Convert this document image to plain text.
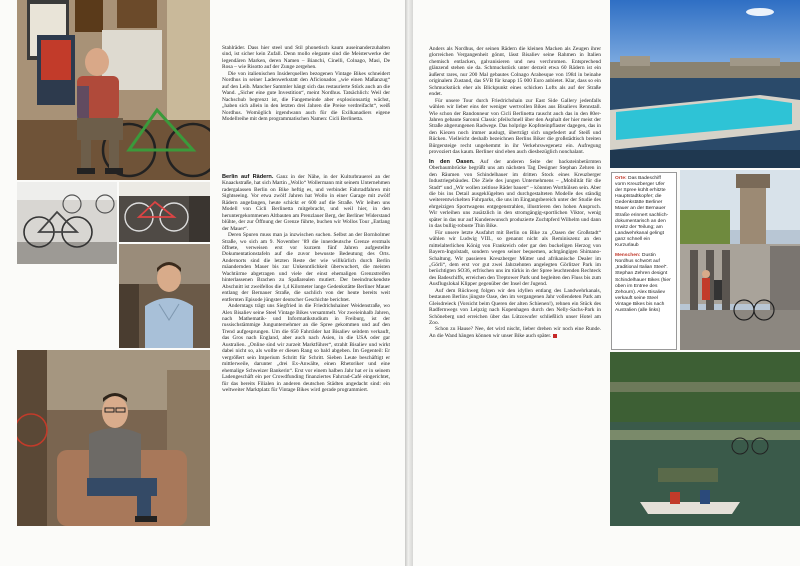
Stahlräder. Dass hier steel und Stil phonetisch kaum auseinanderzuhalten sind, ist sicher kein Zufall. Denn mollo elegante sind die Meisterwerke der legendären Marken, deren Namen – Bianchi, Cinelli, Colnago, Masi, De Rosa – wie Risotto auf der Zunge zergehen.

Die von italienischen Insiderquellen bezogenen Vintage Bikes schneidert Nordhus in seiner Ladenwerkstatt den Aficionados „wie einen Maßanzug“ auf den Leib. Mancher Sammler hängt sich das restaurierte Stück auch an die Wand. „Sicher eine gute Investition“, meint Nordhus. Tatsächlich: Weil der Nachschub begrenzt ist, die Fangemeinde aber explosionsartig wächst, „haben sich allein in den letzten drei Jahren die Preise verdreifacht“, weiß Nordhus. Womöglich irgendwann auch für die Exilkanadiers eigene Modellreihe mit dem programmatischen Namen: Cicli Berlinetta.

Berlin auf Rädern. Ganz in der Nähe, in der Kulturbrauerei an der Knaackstraße, hat sich Martin „Wollo“ Wollermann mit seinem Unternehmen radergalassen Berlin on Bike heftig es, und verbindet Fahrradfahren mit Sightseeing. Vor etwa zwölf Jahren hat Wollo in einer Garage mit zwölf Rädern angefangen, heute schickt er 600 auf die Straße. Wir leihen uns Modell von Cicli Berlinetta mitgebracht, und weil hier, in den heruntergekommenen Altbauten am Prenzlauer Berg, der Berliner Widerstand blühte, der zur Öffnung der Grenze führte, buchen wir Wollos Tour „Entlang der Mauer“.

Deren Spuren muss man ja inzwischen suchen. Selbst an der Bornholmer Straße, wo sich am 9. November ’89 die innerdeutsche Grenze erstmals öffnete, verweisen erst vor kurzem fünf Jahren aufgestellte Dokumentationstafeln auf die zuvor bewusste Bedeutung des Orts. Andernorts sind die letzten Reste der wie willkürlich durch Berlin mäandernden Mauer bis zur Unkenntlichkeit überwuchert, die meisten Wachtürme abgetragen und viele der einst ehemaligen Grenzstreifen hinterlassenen Brachen zu Spaßarealen mutiert. Der beeindruckendste Abschnitt ist zweifellos die 1,4 Kilometer lange Gedenkstätte Berliner Mauer entlang der Bernauer Straße, die sachlich von der heute bereits weit entfernten Episode jüngster deutscher Geschichte berichtet.

Anderntags trägt uns Siegfried in die Friedrichshainer Weidenstraße, wo Alex Bisaliev seine Steel Vintage Bikes versammelt. Vor zweieinhalb Jahren, nach Mathematik- und Informatikstudium in Freiburg, ist der russischstämmige Jungunternehmer an die Spree gekommen und auf den Trend aufgesprungen. Um die 650 Fahrräder hat Bisaliev seitdem verkauft, das Gros nach England, aber auch nach Asien, in die USA oder gar Australien. „Online sind wir zurzeit Marktführer“, strahlt Bisaliev und wirkt dabei nicht so, als wollte er diesen Rang so bald abgeben. Im Gegenteil: Er vergrößert sein Imperium Schritt für Schritt. Sieben Leute beschäftigt er mittlerweile, darunter „drei Ex-Anwälte, einen Rhetoriker und eine ehemalige Schweizer Bankerin“. Erst vor einem halben Jahr hat er in seinem Ladengeschäft ein per Crowdfunding finanziertes Fahrrad-Café eingerichtet, für das bereits Filialen in anderen deutschen Städten angedacht sind: ein weltweiter Marktplatz für Vintage Bikes wird gerade programmiert.

Anders als Nordhus, der seinen Rädern die kleinen Macken als Zeugen ihrer glorreichen Vergangenheit gönnt, lässt Bisaliev seine Rahmen in Italien chemisch entlacken, galvanisieren und neu verchromen. Entsprechend glänzend stehen sie da. Schmuckstück unter derzeit etwa 60 Rädern ist ein äußerst rares, nur 200 Mal gebautes Colnago Arabesque von 1984 in beinahe originalem Zustand, das SVB für knapp 15 000 Euro anbietet. Klar, dass so ein Schmuckstück eher als Blickpunkt eines schicken Lofts als auf der Straße endet.

Für unsere Tour durch Friedrichshain zur East Side Gallery jedenfalls wählen wir lieber eins der weniger wertvollen Bikes aus Bisalievs Rennstall. Wie schon der Randonneur von Cicli Berlinetta rauscht auch das in den 80er-Jahren gebaute Saronni Classic pfeilschnell über den Asphalt der hier meist der Straße abgerungenen Radwege. Das holprige Kopfsteinpflaster dagegen, das in den Kiezen noch immer auslugt, überträgt sich ungefedert auf Steiß und Rücken. Vielleicht deshalb bezeichnen Berlins Biker die großstädtisch breiten Bürgersteige recht ungehemmt in ihr Verkehrswegenetz ein. Aufregung provoziert das kaum. Berliner sind eben auch diesbezüglich nonchalant.

In den Oasen. Auf der anderen Seite der backsteinbetürmten Oberbaumbrücke begrüßt uns am nächsten Tag Designer Stephan Zehren in den Räumen von Schindelhauer im dritten Stock eines Kreuzberger Industriegebäudes. Die Ziele des jungen Unternehmens – „Mobilität für die Stadt“ und „Wir wollen zeitlose Räder bauen“ – könnten Worthülsen sein. Aber die bis ins Detail ausgeklügelten und durchgestalteten Modelle des ständig weiterentwickelten Fuhrparks, die uns im Eingangsbereich unter der Studie des ehrgeizigen Sportwagens entgegenstrahlen, illustrieren den hohen Anspruch. Wir verleihen uns zusätzlich in den stromgängig-sportlichen Viktor, wenig später in das nur auf Kundenwunsch produzierte Zuchtpferd Wilhelm und dann in das bullig-robuste Thin Bike.

Für unsere letzte Ausfahrt mit Berlin on Bike zu „Oasen der Großstadt“ wählen wir Ludwig VIII., so genannt nicht als Reminiszenz an den mittelalterlichen König von Frankreich oder gar den buckeligen Herzog von Bayern-Ingolstadt, sondern wegen seiner bequemen, achtgängigen Shimano-Schaltung. Wir passieren Kreuzberger Mütter und afrikanische Dealer im „Görli“, dem erst vor gut zwei Jahrzehnten angelegten Görlitzer Park im berüchtigten SO36, erfrischen uns im türkis in der Spree leuchtenden Rechteck des Badeschiffs, erreichen den Treptower Park und begleiten den Fluss bis zum Ausflugslokal Klipper gegenüber der Insel der Jugend.

Auf dem Rückweg folgen wir den idyllen entlang des Landwehrkanals, bestaunen Berlins jüngste Oase, den im vergangenen Jahr vollendeten Park am Gleisdreieck (Vorsicht beim Queren der alten Schienen!), rehnen ein Stück des Radfernwegs von Leipzig nach Kopenhagen durch den Nelly-Sachs-Park in Schöneberg und erreichen über das Lützowufer schließlich unser Hotel am Zoo.

Schon zu Hause? Nee, det wird nischt, lieber drehen wir noch eine Runde. An die Wand hängen können wir unser Bike auch später.

Orte: Das Badeschiff vorm Kreuzberger Ufer der Spree kühlt erhitzte Hauptstadtkopfer; die Gedenkstätte Berliner Mauer an der Bernauer Straße erinnert sachlich-dokumentarisch an den Irrwitz der Teilung; am Landwehrkanal gelingt ganz schnell ein Kurzurlaub
Menschen: Dustin Nordhus schwört auf „traditional Italian Steel“. Stephan Zehren designt Schindelhauer Bikes (hier oben im Entree des Zehourn). Alex Bisaliev verkauft seine Steel Vintage Bikes bis nach Australien (alle links)
